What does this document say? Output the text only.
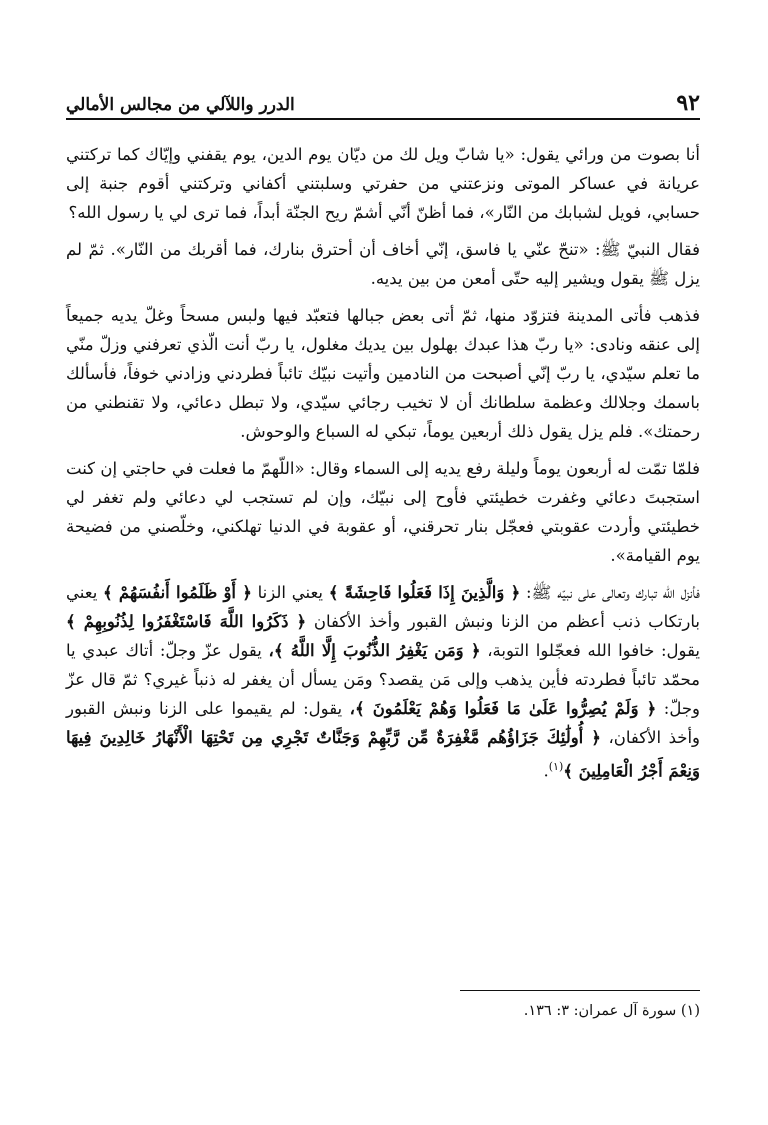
٩٢
الدرر واللآلي من مجالس الأمالي

أنا بصوت من ورائي يقول: «يا شابّ ويل لك من ديّان يوم الدين، يوم يقفني وإيّاك كما تركتني عريانة في عساكر الموتى ونزعتني من حفرتي وسلبتني أكفاني وتركتني أقوم جنبة إلى حسابي، فويل لشبابك من النّار»، فما أظنّ أنّي أشمّ ريح الجنّة أبداً، فما ترى لي يا رسول الله؟

فقال النبيّ ﷺ: «تنحّ عنّي يا فاسق، إنّي أخاف أن أحترق بنارك، فما أقربك من النّار». ثمّ لم يزل ﷺ يقول ويشير إليه حتّى أمعن من بين يديه.

فذهب فأتى المدينة فتزوّد منها، ثمّ أتى بعض جبالها فتعبّد فيها ولبس مسحاً وغلّ يديه جميعاً إلى عنقه ونادى: «يا ربّ هذا عبدك بهلول بين يديك مغلول، يا ربّ أنت الّذي تعرفني وزلّ منّي ما تعلم سيّدي، يا ربّ إنّي أصبحت من النادمين وأتيت نبيّك تائباً فطردني وزادني خوفاً، فأسألك باسمك وجلالك وعظمة سلطانك أن لا تخيب رجائي سيّدي، ولا تبطل دعائي، ولا تقنطني من رحمتك». فلم يزل يقول ذلك أربعين يوماً، تبكي له السباع والوحوش.

فلمّا تمّت له أربعون يوماً وليلة رفع يديه إلى السماء وقال: «اللّهمّ ما فعلت في حاجتي إن كنت استجبتَ دعائي وغفرت خطيئتي فأوح إلى نبيّك، وإن لم تستجب لي دعائي ولم تغفر لي خطيئتي وأردت عقوبتي فعجّل بنار تحرقني، أو عقوبة في الدنيا تهلكني، وخلّصني من فضيحة يوم القيامة».

فأنزل الله تبارك وتعالى على نبيّه ﷺ: ﴿ وَالَّذِينَ إِذَا فَعَلُوا فَاحِشَةً ﴾ يعني الزنا ﴿ أَوْ ظَلَمُوا أَنفُسَهُمْ ﴾ يعني بارتكاب ذنب أعظم من الزنا ونبش القبور وأخذ الأكفان ﴿ ذَكَرُوا اللَّهَ فَاسْتَغْفَرُوا لِذُنُوبِهِمْ ﴾ يقول: خافوا الله فعجّلوا التوبة، ﴿ وَمَن يَغْفِرُ الذُّنُوبَ إِلَّا اللَّهُ ﴾، يقول عزّ وجلّ: أتاك عبدي يا محمّد تائباً فطردته فأين يذهب وإلى مَن يقصد؟ ومَن يسأل أن يغفر له ذنباً غيري؟ ثمّ قال عزّ وجلّ: ﴿ وَلَمْ يُصِرُّوا عَلَىٰ مَا فَعَلُوا وَهُمْ يَعْلَمُونَ ﴾، يقول: لم يقيموا على الزنا ونبش القبور وأخذ الأكفان، ﴿ أُولَٰئِكَ جَزَاؤُهُم مَّغْفِرَةٌ مِّن رَّبِّهِمْ وَجَنَّاتٌ تَجْرِي مِن تَحْتِهَا الْأَنْهَارُ خَالِدِينَ فِيهَا وَنِعْمَ أَجْرُ الْعَامِلِينَ ﴾$^{(١)}$.

(١) سورة آل عمران: ٣: ١٣٦.
